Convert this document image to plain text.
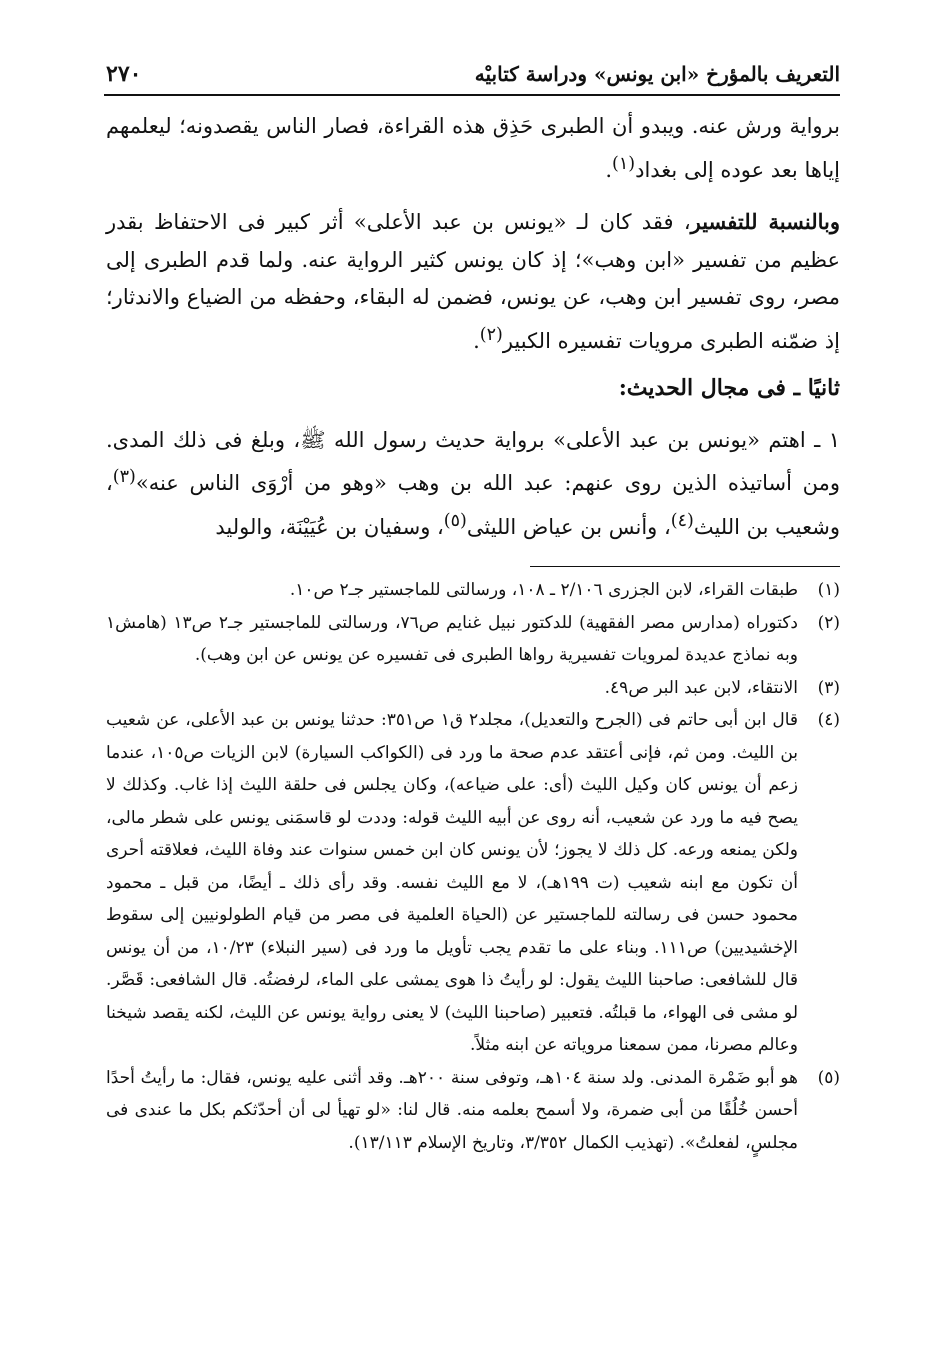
التعريف بالمؤرخ «ابن يونس» ودراسة كتابيْه
٢٧٠

برواية ورش عنه. ويبدو أن الطبرى حَذِق هذه القراءة، فصار الناس يقصدونه؛ ليعلمهم إياها بعد عوده إلى بغداد$^{(١)}$.

وبالنسبة للتفسير، فقد كان لـ «يونس بن عبد الأعلى» أثر كبير فى الاحتفاظ بقدر عظيم من تفسير «ابن وهب»؛ إذ كان يونس كثير الرواية عنه. ولما قدم الطبرى إلى مصر، روى تفسير ابن وهب، عن يونس، فضمن له البقاء، وحفظه من الضياع والاندثار؛ إذ ضمّنه الطبرى مرويات تفسيره الكبير$^{(٢)}$.

ثانيًا ـ فى مجال الحديث:

١ ـ اهتم «يونس بن عبد الأعلى» برواية حديث رسول الله ﷺ، وبلغ فى ذلك المدى. ومن أساتيذه الذين روى عنهم: عبد الله بن وهب «وهو من أرْوَى الناس عنه»$^{(٣)}$، وشعيب بن الليث$^{(٤)}$، وأنس بن عياض الليثى$^{(٥)}$، وسفيان بن عُيَيْنَة، والوليد

(١)
طبقات القراء، لابن الجزرى ٢/١٠٦ ـ ١٠٨، ورسالتى للماجستير جـ٢ ص١٠.

(٢)
دكتوراه (مدارس مصر الفقهية) للدكتور نبيل غنايم ص٧٦، ورسالتى للماجستير جـ٢ ص١٣ (هامش١ وبه نماذج عديدة لمرويات تفسيرية رواها الطبرى فى تفسيره عن يونس عن ابن وهب).

(٣)
الانتقاء، لابن عبد البر ص٤٩.

(٤)
قال ابن أبى حاتم فى (الجرح والتعديل)، مجلد٢ ق١ ص٣٥١: حدثنا يونس بن عبد الأعلى، عن شعيب بن الليث. ومن ثم، فإنى أعتقد عدم صحة ما ورد فى (الكواكب السيارة) لابن الزيات ص١٠٥، عندما زعم أن يونس كان وكيل الليث (أى: على ضياعه)، وكان يجلس فى حلقة الليث إذا غاب. وكذلك لا يصح فيه ما ورد عن شعيب، أنه روى عن أبيه الليث قوله: وددت لو قاسمَنى يونس على شطر مالى، ولكن يمنعه ورعه. كل ذلك لا يجوز؛ لأن يونس كان ابن خمس سنوات عند وفاة الليث، فعلاقته أحرى أن تكون مع ابنه شعيب (ت ١٩٩هـ)، لا مع الليث نفسه. وقد رأى ذلك ـ أيضًا، من قبل ـ محمود محمود حسن فى رسالته للماجستير عن (الحياة العلمية فى مصر من قيام الطولونيين إلى سقوط الإخشيديين) ص١١١. وبناء على ما تقدم يجب تأويل ما ورد فى (سير النبلاء) ١٠/٢٣، من أن يونس قال للشافعى: صاحبنا الليث يقول: لو رأيتُ ذا هوى يمشى على الماء، لرفضتُه. قال الشافعى: قَصَّر. لو مشى فى الهواء، ما قبلتُه. فتعبير (صاحبنا الليث) لا يعنى رواية يونس عن الليث، لكنه يقصد شيخنا وعالم مصرنا، ممن سمعنا مروياته عن ابنه مثلاً.

(٥)
هو أبو ضَمْرة المدنى. ولد سنة ١٠٤هـ، وتوفى سنة ٢٠٠هـ. وقد أثنى عليه يونس، فقال: ما رأيتُ أحدًا أحسن خُلُقًا من أبى ضمرة، ولا أسمح بعلمه منه. قال لنا: «لو تهيأ لى أن أحدّثكم بكل ما عندى فى مجلسٍ، لفعلتُ». (تهذيب الكمال ٣/٣٥٢، وتاريخ الإسلام ١٣/١١٣).
